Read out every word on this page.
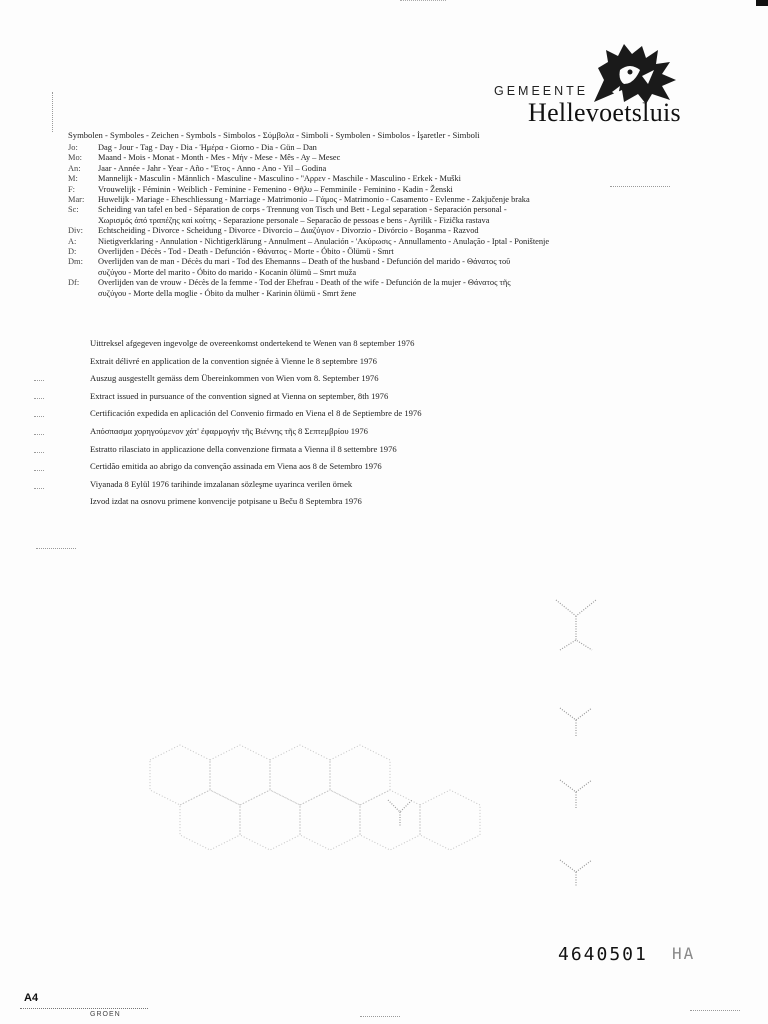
GEMEENTE
Hellevoetsluis
Symbolen - Symboles - Zeichen - Symbols - Simbolos - Σύμβολα - Simboli - Symbolen - Simbolos - İşaretler - Simboli
Jo:	Dag - Jour - Tag - Day - Dia - Ἡμέρα - Giorno - Dia - Gün – Dan
Mo:	Maand - Mois - Monat - Month - Mes - Mήν - Mese - Mês - Ay – Mesec
An:	Jaar - Année - Jahr - Year - Año - ''Ετος - Anno - Ano - Yil – Godina
M:	Mannelijk - Masculin - Männlich - Masculine - Masculino - ''Αρρεν - Maschile - Masculino - Erkek - Muški
F:	Vrouwelijk - Féminin - Weiblich - Feminine - Femenino - Θῆλυ – Femminile - Feminino - Kadin - Ženski
Mar:	Huwelijk - Mariage - Eheschliessung - Marriage - Matrimonio – Γάμος - Matrimonio - Casamento - Evlenme - Zakjučenje braka
Sc:	Scheiding van tafel en bed - Séparation de corps - Trennung von Tisch und Bett - Legal separation - Separación personal -
Χωρισμός άπό τραπέζης καί κοίτης - Separazione personale – Separacão de pessoas e bens - Ayrilik - Fizička rastava
Div:	Echtscheiding - Divorce - Scheidung - Divorce - Divorcio – Διαζύγιον - Divorzio - Divórcio - Boşanma - Razvod
A:	Nietigverklaring - Annulation - Nichtigerklärung - Annulment – Anulación - 'Ακύρωσις - Annullamento - Anulação - Iptal - Poništenje
D:	Overlijden - Décès - Tod - Death - Defunción - Θάνατος - Morte - Óbito - Ölümü - Smrt
Dm:	Overlijden van de man - Décès du mari - Tod des Ehemanns – Death of the husband - Defunción del marido - Θάνατος τοῦ
συζύγου - Morte del marito - Óbito do marido - Kocanin ölümü – Smrt muža
Df:	Overlijden van de vrouw - Décès de la femme - Tod der Ehefrau - Death of the wife - Defunción de la mujer - Θάνατος τῆς
συζύγου - Morte della moglie - Óbito da mulher - Karinin ölümü - Smrt žene
Uittreksel afgegeven ingevolge de overeenkomst ondertekend te Wenen van 8 september 1976
Extrait délivré en application de la convention signée à Vienne le 8 septembre 1976
Auszug ausgestellt gemäss dem Übereinkommen von Wien vom 8. September 1976
Extract issued in pursuance of the convention signed at Vienna on september, 8th 1976
Certificación expedida en aplicación del Convenio firmado en Viena el 8 de Septiembre de 1976
Απόσπασμα χορηγούμενον χάτ' ἐφαρμογήν τῆς Βιέννης τῆς 8 Σεπτεμβρίου 1976
Estratto rilasciato in applicazione della convenzione firmata a Vienna il 8 settembre 1976
Certidão emitida ao abrigo da convenção assinada em Viena aos 8 de Setembro 1976
Viyanada 8 Eylül 1976 tarihinde imzalanan sözleşme uyarinca verilen örnek
Izvod izdat na osnovu primene konvencije potpisane u Beču 8 Septembra 1976
4640501 HA
A4
GROEN
